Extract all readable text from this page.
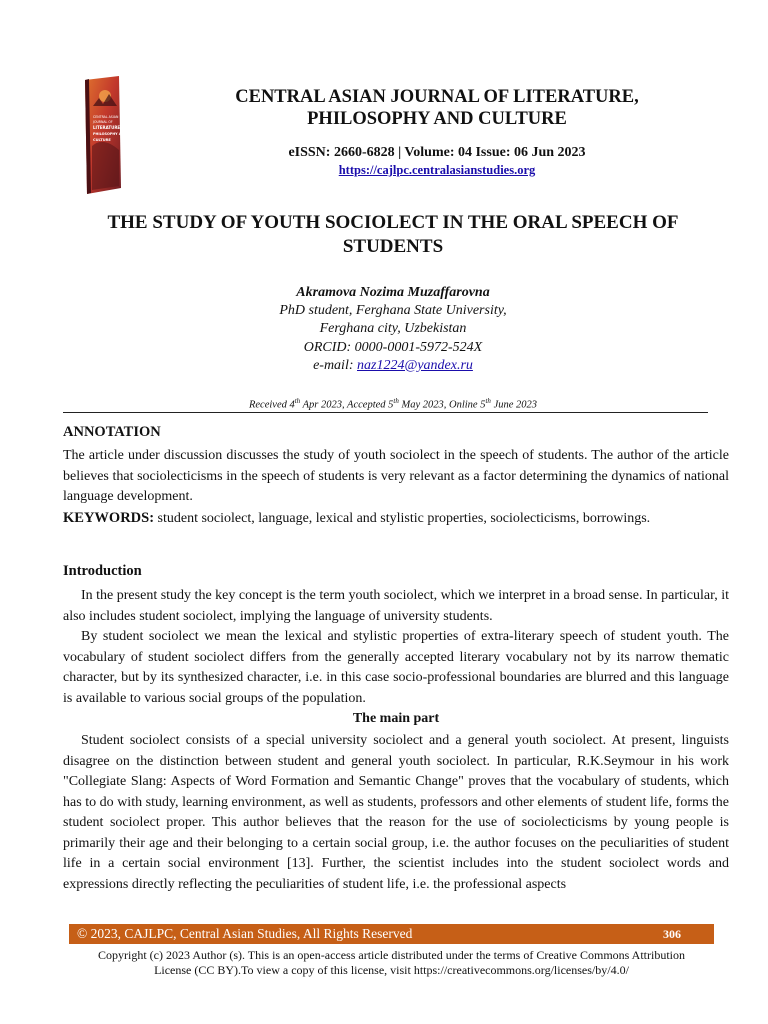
CENTRAL ASIAN
JOURNAL OF
LITERATURE,
PHILOSOPHY AND
CULTURE
CENTRAL ASIAN JOURNAL OF LITERATURE,
PHILOSOPHY AND CULTURE
eISSN: 2660-6828 | Volume: 04 Issue: 06 Jun 2023
https://cajlpc.centralasianstudies.org
THE STUDY OF YOUTH SOCIOLECT IN THE ORAL SPEECH OF
STUDENTS
Akramova Nozima Muzaffarovna
PhD student, Ferghana State University,
Ferghana city, Uzbekistan
ORCID: 0000-0001-5972-524X
e-mail: naz1224@yandex.ru
Received 4th Apr 2023, Accepted 5th May 2023, Online 5th June 2023
ANNOTATION
The article under discussion discusses the study of youth sociolect in the speech of students. The author of the article believes that sociolecticisms in the speech of students is very relevant as a factor determining the dynamics of national language development.
KEYWORDS: student sociolect, language, lexical and stylistic properties, sociolecticisms, borrowings.
Introduction
In the present study the key concept is the term youth sociolect, which we interpret in a broad sense. In particular, it also includes student sociolect, implying the language of university students.
By student sociolect we mean the lexical and stylistic properties of extra-literary speech of student youth. The vocabulary of student sociolect differs from the generally accepted literary vocabulary not by its narrow thematic character, but by its synthesized character, i.e. in this case socio-professional boundaries are blurred and this language is available to various social groups of the population.
The main part
Student sociolect consists of a special university sociolect and a general youth sociolect. At present, linguists disagree on the distinction between student and general youth sociolect. In particular, R.K.Seymour in his work "Collegiate Slang: Aspects of Word Formation and Semantic Change" proves that the vocabulary of students, which has to do with study, learning environment, as well as students, professors and other elements of student life, forms the student sociolect proper. This author believes that the reason for the use of sociolecticisms by young people is primarily their age and their belonging to a certain social group, i.e. the author focuses on the peculiarities of student life in a certain social environment [13]. Further, the scientist includes into the student sociolect words and expressions directly reflecting the peculiarities of student life, i.e. the professional aspects
© 2023, CAJLPC, Central Asian Studies, All Rights Reserved	306
Copyright (c) 2023 Author (s). This is an open-access article distributed under the terms of Creative Commons Attribution
License (CC BY).To view a copy of this license, visit https://creativecommons.org/licenses/by/4.0/
